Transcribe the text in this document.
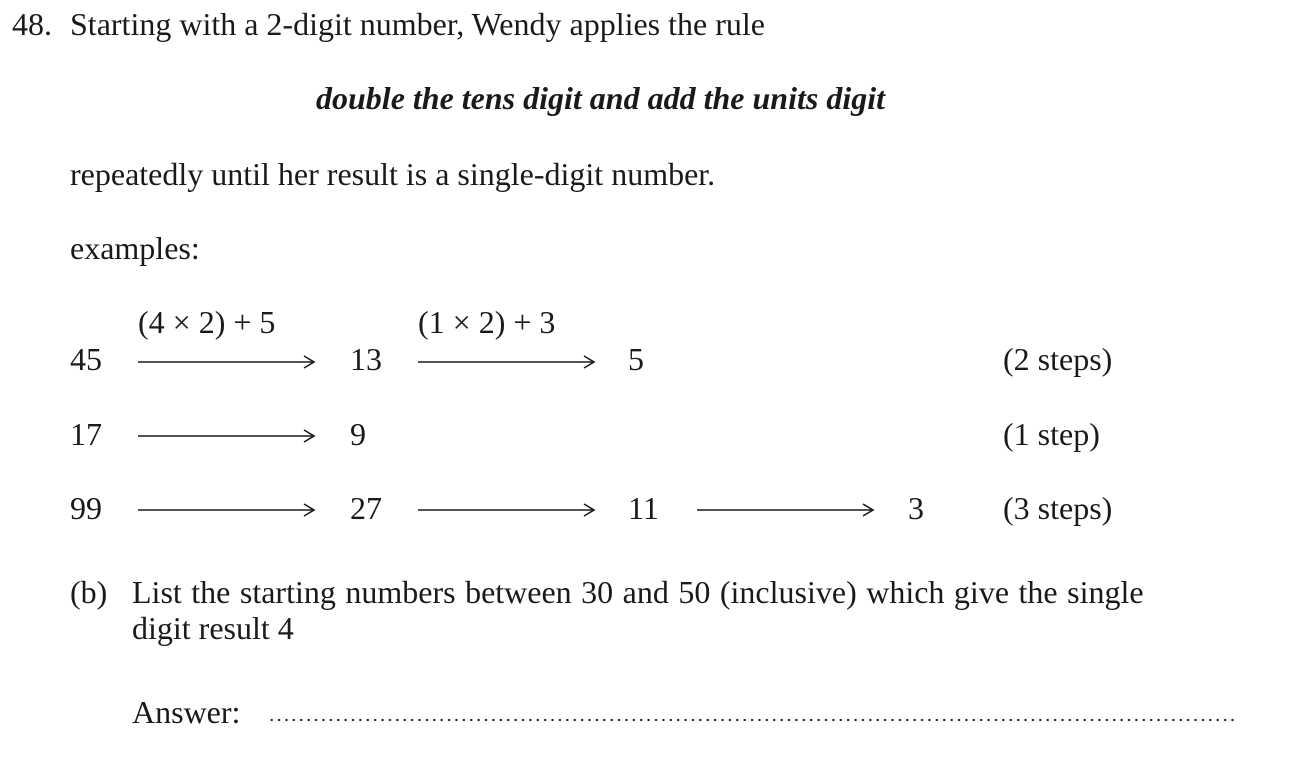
48. Starting with a 2-digit number, Wendy applies the rule
double the tens digit and add the units digit
repeatedly until her result is a single-digit number.
examples:
(4 × 2) + 5	(1 × 2) + 3
45	13	5	(2 steps)
17	9	(1 step)
99	27	11	3 (3 steps)
(b) List the starting numbers between 30 and 50 (inclusive) which give the single
digit result 4
Answer:
